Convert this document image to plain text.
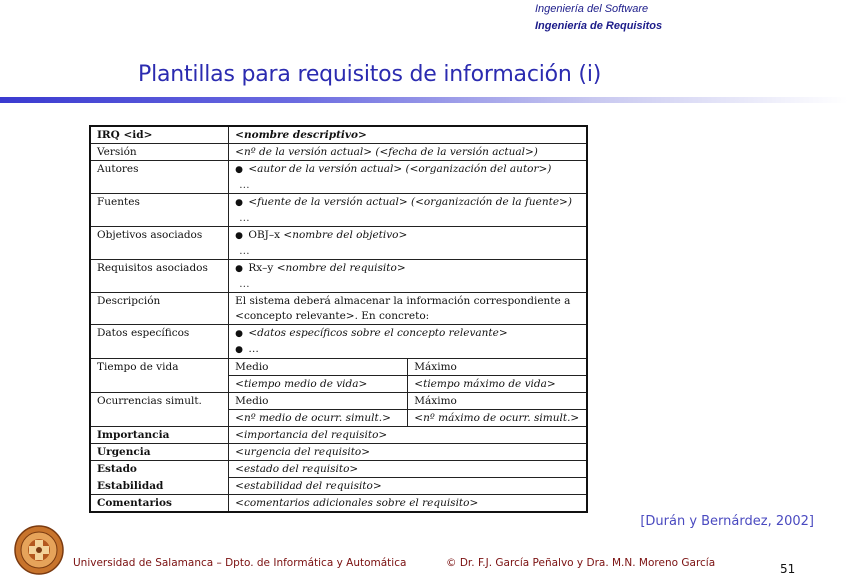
Ingeniería del Software
Ingeniería de Requisitos
Plantillas para requisitos de información (i)
IRQ <id>	<nombre descriptivo>	
Versión	<nº de la versión actual> (<fecha de la versión actual>)	
Autores	● <autor de la versión actual> (<organización del autor>)
…	

Fuentes	● <fuente de la versión actual> (<organización de la fuente>)
…	

Objetivos asociados	● OBJ–x <nombre del objetivo>
…	

Requisitos asociados	● Rx–y <nombre del requisito>
…	

Descripción	El sistema deberá almacenar la información correspondiente a <concepto relevante>. En concreto:	
Datos específicos	● <datos específicos sobre el concepto relevante>
● …	

Tiempo de vida	Medio	Máximo
	<tiempo medio de vida>	<tiempo máximo de vida>
Ocurrencias simult.	Medio	Máximo
	<nº medio de ocurr. simult.>	<nº máximo de ocurr. simult.>
Importancia	<importancia del requisito>	
Urgencia	<urgencia del requisito>	
Estado	<estado del requisito>	
Estabilidad	<estabilidad del requisito>	
Comentarios	<comentarios adicionales sobre el requisito>	
[Durán y Bernárdez, 2002]
Universidad de Salamanca – Dpto. de Informática y Automática	© Dr. F.J. García Peñalvo y Dra. M.N. Moreno García	51
